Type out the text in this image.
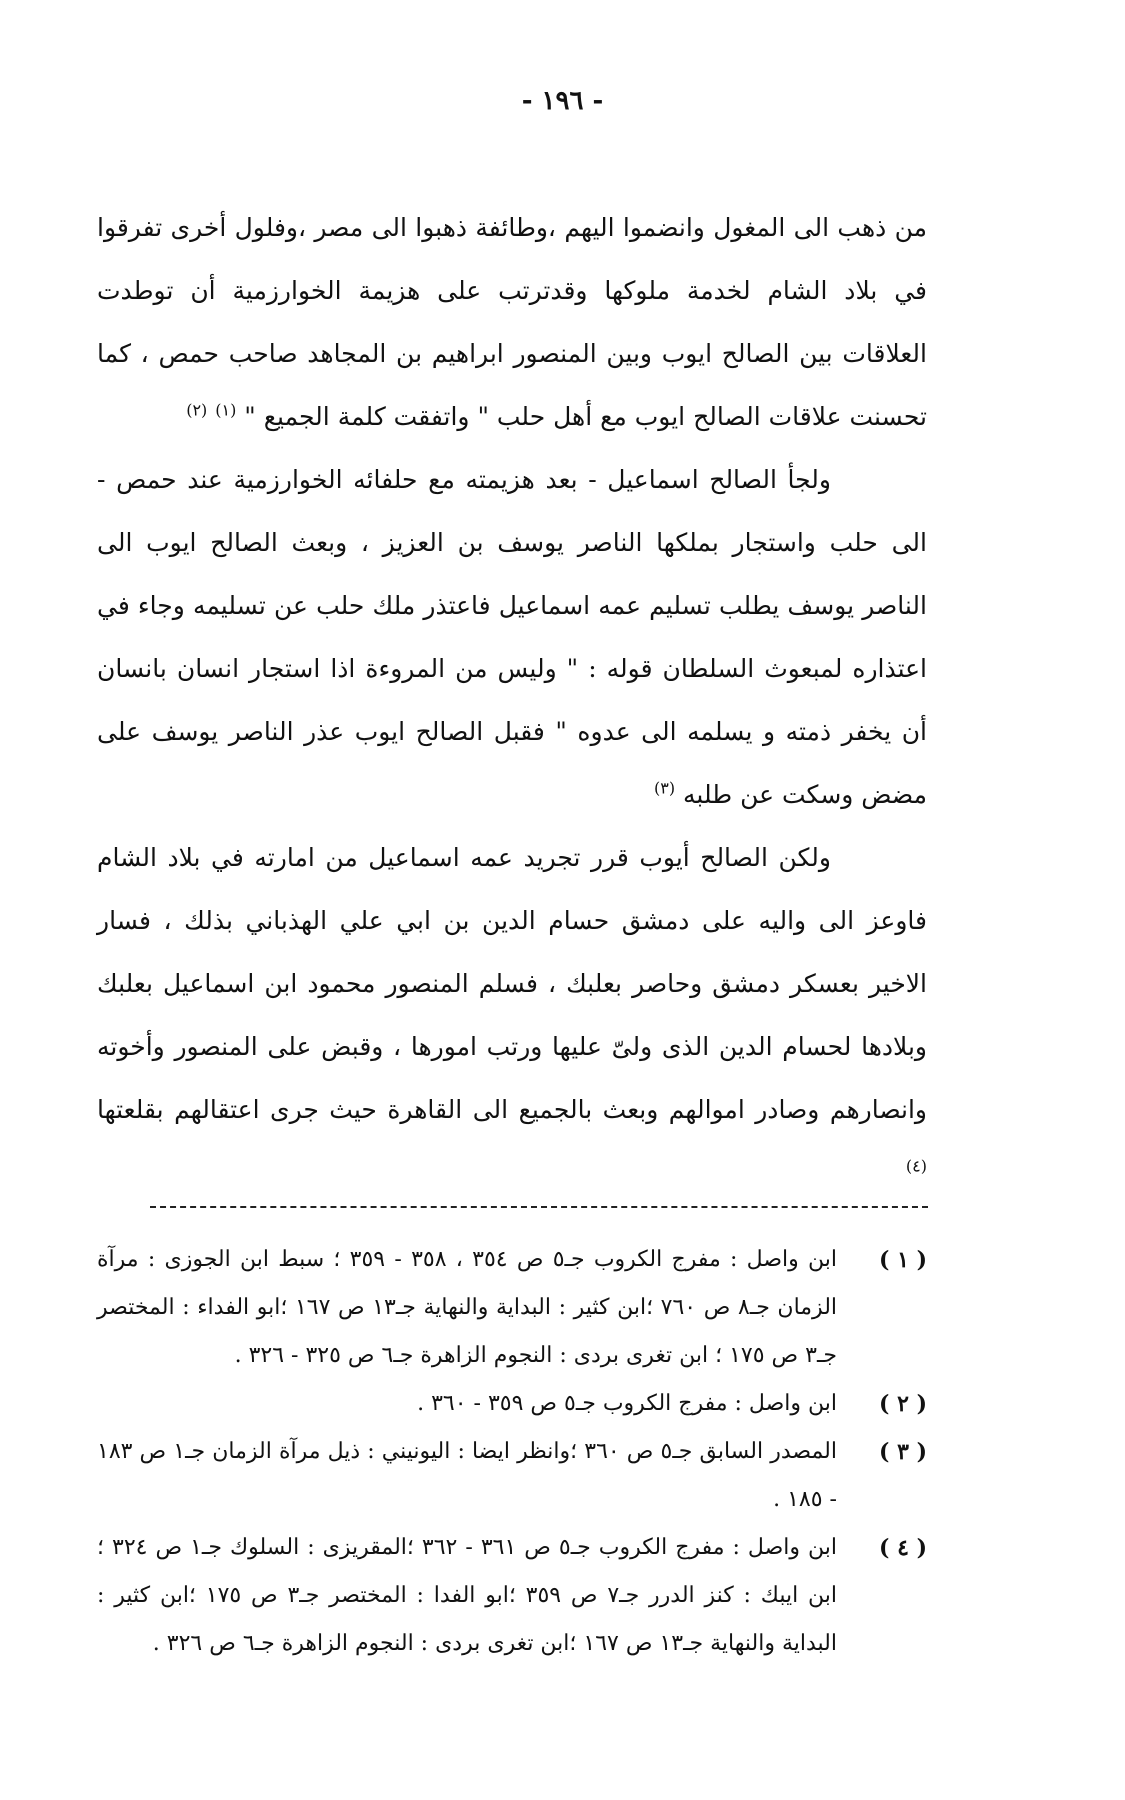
- ١٩٦ -

من ذهب الى المغول وانضموا اليهم ،وطائفة ذهبوا الى مصر ،وفلول أخرى تفرقوا في بلاد الشام لخدمة ملوكها وقدترتب على هزيمة الخوارزمية أن توطدت العلاقات بين الصالح ايوب وبين المنصور ابراهيم بن المجاهد صاحب حمص ، كما تحسنت علاقات الصالح ايوب مع أهل حلب " واتفقت كلمة الجميع " $^{(١)}$ $^{(٢)}$

ولجأ الصالح اسماعيل - بعد هزيمته مع حلفائه الخوارزمية عند حمص - الى حلب واستجار بملكها الناصر يوسف بن العزيز ، وبعث الصالح ايوب الى الناصر يوسف يطلب تسليم عمه اسماعيل فاعتذر ملك حلب عن تسليمه وجاء في اعتذاره لمبعوث السلطان قوله : " وليس من المروءة اذا استجار انسان بانسان أن يخفر ذمته و يسلمه الى عدوه " فقبل الصالح ايوب عذر الناصر يوسف على مضض وسكت عن طلبه $^{(٣)}$

ولكن الصالح أيوب قرر تجريد عمه اسماعيل من امارته في بلاد الشام فاوعز الى واليه على دمشق حسام الدين بن ابي علي الهذباني بذلك ، فسار الاخير بعسكر دمشق وحاصر بعلبك ، فسلم المنصور محمود ابن اسماعيل بعلبك وبلادها لحسام الدين الذى ولىّ عليها ورتب امورها ، وقبض على المنصور وأخوته وانصارهم وصادر اموالهم وبعث بالجميع الى القاهرة حيث جرى اعتقالهم بقلعتها $^{(٤)}$

( ١ )
ابن واصل : مفرج الكروب جـ٥ ص ٣٥٤ ، ٣٥٨ - ٣٥٩ ؛ سبط ابن الجوزى : مرآة الزمان جـ٨ ص ٧٦٠ ؛ابن كثير : البداية والنهاية جـ١٣ ص ١٦٧ ؛ابو الفداء : المختصر جـ٣ ص ١٧٥ ؛ ابن تغرى بردى : النجوم الزاهرة جـ٦ ص ٣٢٥ - ٣٢٦ .
( ٢ )
ابن واصل : مفرج الكروب جـ٥ ص ٣٥٩ - ٣٦٠ .
( ٣ )
المصدر السابق جـ٥ ص ٣٦٠ ؛وانظر ايضا : اليونيني : ذيل مرآة الزمان جـ١ ص ١٨٣ - ١٨٥ .
( ٤ )
ابن واصل : مفرج الكروب جـ٥ ص ٣٦١ - ٣٦٢ ؛المقريزى : السلوك جـ١ ص ٣٢٤ ؛ابن ايبك : كنز الدرر جـ٧ ص ٣٥٩ ؛ابو الفدا : المختصر جـ٣ ص ١٧٥ ؛ابن كثير : البداية والنهاية جـ١٣ ص ١٦٧ ؛ابن تغرى بردى : النجوم الزاهرة جـ٦ ص ٣٢٦ .
